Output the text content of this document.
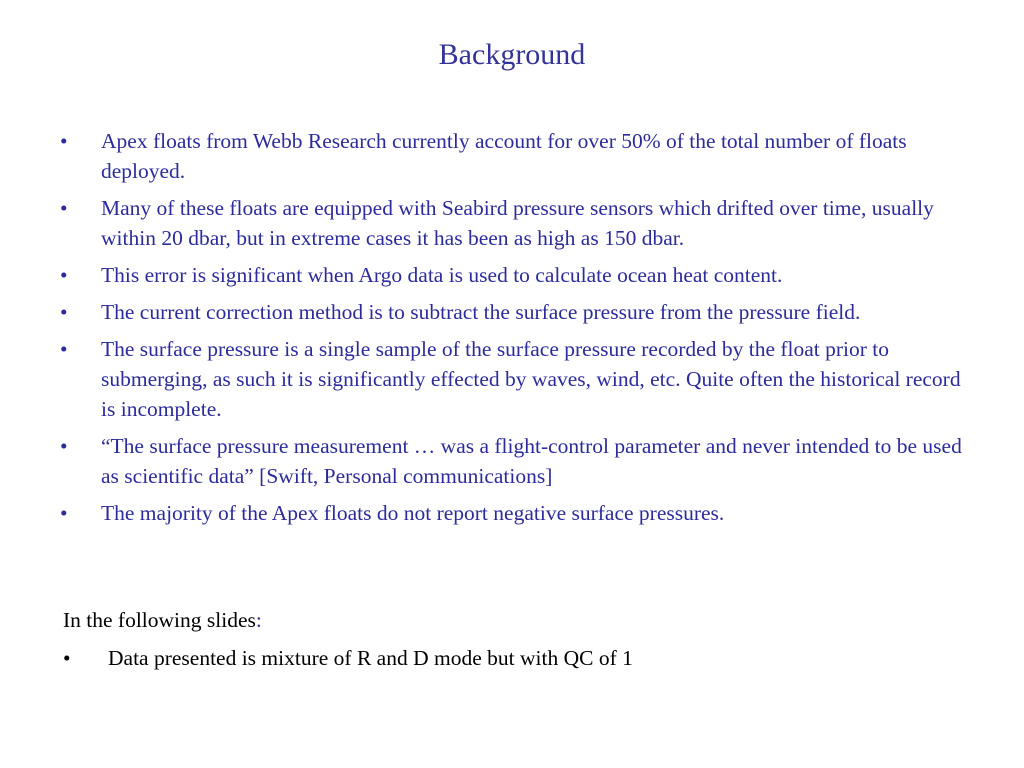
Background
• Apex floats from Webb Research currently account for over 50% of the total number of floats deployed.
• Many of these floats are equipped with Seabird pressure sensors which drifted over time, usually within 20 dbar, but in extreme cases it has been as high as 150 dbar.
• This error is significant when Argo data is used to calculate ocean heat content.
• The current correction method is to subtract the surface pressure from the pressure field.
• The surface pressure is a single sample of the surface pressure recorded by the float prior to submerging, as such it is significantly effected by waves, wind, etc. Quite often the historical record is incomplete.
• “The surface pressure measurement … was a flight-control parameter and never intended to be used as scientific data” [Swift, Personal communications]
• The majority of the Apex floats do not report negative surface pressures.
In the following slides:
• Data presented is mixture of R and D mode but with QC of 1
